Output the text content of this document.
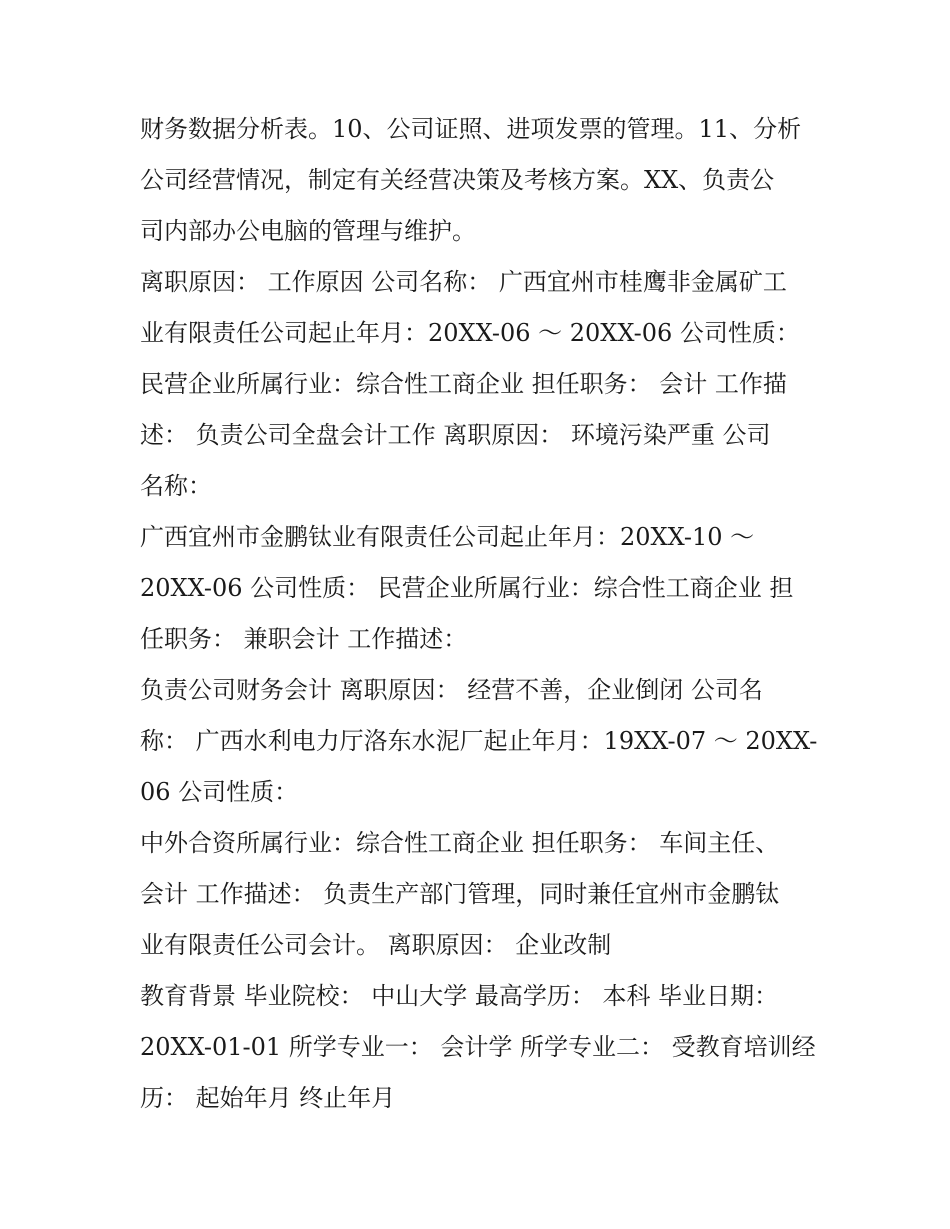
财务数据分析表。10、公司证照、进项发票的管理。11、分析
公司经营情况，制定有关经营决策及考核方案。XX、负责公
司内部办公电脑的管理与维护。
离职原因： 工作原因 公司名称： 广西宜州市桂鹰非金属矿工
业有限责任公司起止年月：20XX-06 ～ 20XX-06 公司性质：
民营企业所属行业：综合性工商企业 担任职务： 会计 工作描
述： 负责公司全盘会计工作 离职原因： 环境污染严重 公司
名称：
广西宜州市金鹏钛业有限责任公司起止年月：20XX-10 ～
20XX-06 公司性质： 民营企业所属行业：综合性工商企业 担
任职务： 兼职会计 工作描述：
负责公司财务会计 离职原因： 经营不善，企业倒闭 公司名
称： 广西水利电力厅洛东水泥厂起止年月：19XX-07 ～ 20XX-
06 公司性质：
中外合资所属行业：综合性工商企业 担任职务： 车间主任、
会计 工作描述： 负责生产部门管理，同时兼任宜州市金鹏钛
业有限责任公司会计。 离职原因： 企业改制
教育背景 毕业院校： 中山大学 最高学历： 本科 毕业日期：
20XX-01-01 所学专业一： 会计学 所学专业二： 受教育培训经
历： 起始年月 终止年月
